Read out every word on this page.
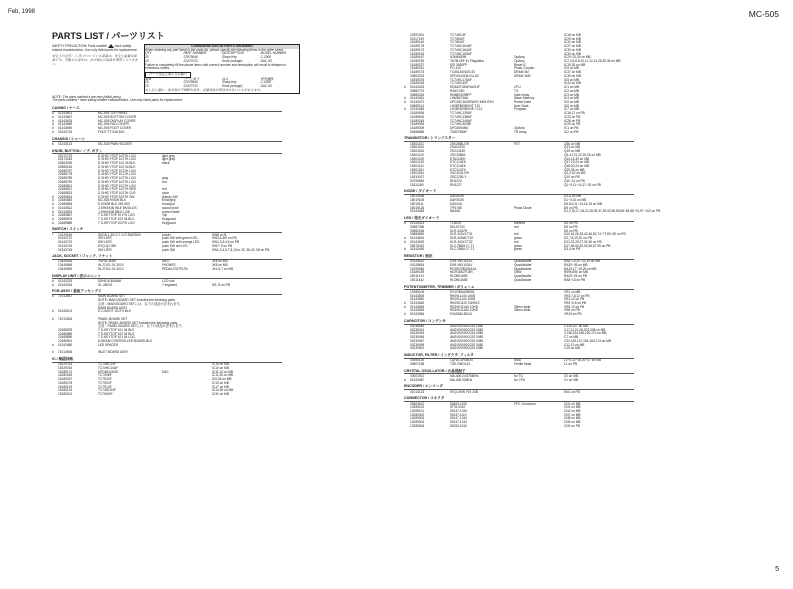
Feb, 1998	MC-505
PARTS LIST / パーツリスト

SAFETY PRECAUTION: Parts marked have safety-related characteristics. Use only listed parts for replacement.

安全上の注意：△ 印 のついている部品は、安全上重要な部品です。交換する場合は、必ず指定の部品を使用してください。

CONSIDERATION ON PARTS ORDERING
When ordering any part listed in the parts list, please specify the following items in the order sheet.
QTY	PART NUMBER	DESCRIPTION	MODEL NUMBER
10	22975846	Sharp Key	C-2008
15	22470713	Knob (orange)	DAC-50
Failure to completely fill the above items with correct number and description will result in delayed or erroneous orders.
パーツ発注に関するお願い
数量	パーツ番号	品名	使用機種
10	22975846	Sharp key	C-2008
15	22470713	Knob (orange)	DAC-50
もし記入漏れ、品名等が不明確な場合、必要部品が発送されないことがあります。
NOTE: The parts marked # are new (initial parts).
The parts marked * have safety-related characteristics. Use only listed parts for replacement.
CASING / ケース
#	01343601	MC-505 TOP PANEL
#	01343667	MC-505 BOTTOM COVER
#	01343678	MC-505 DISPLAY COVER
#	01343689	MC-505 PAD COVER
#	01343690	MC-505 FOOT COVER
#	01343734	FOOT FT-916 BLK
CHASSIS / シャーシ
#	01343123	MC-505 PWB HOLDER
KNOB, BUTTON / ノブ, ボタン
02372723	D SHIS YTDP 102TH LGG	light gray
02373245	D SHIS YTDP 101TH LGG	light gray
02563256	D SHIS YTDP 102 04 BLK	black
02583145	D SHIS YTDP 102 04 BLK
22485767	D SHIS YTDP 101TH LGG
22485778	D SHIS YTDP 101TH LGG
22485789	D SHIS YTDP 102TH LGG	gray
22485790	D SHIS YTDP 102TH LGG	red
22485801	D SHIS YTDP 101TH LGG
22485812	D SHIS YTDP 102TH RED	red
22485823	D SHIS YTDP 102TH CLR	clear
#	22485834	D SHIS YTDP 102TH SW	(black) SW
#	22485845	MC-505 KNOB BLK	Knob/grip
#	22485856	D KNOB BLK 249-303	Knob/pot
#	01343812	J-SHKNOB WLE BK/GLDS	sound knob
#	01343823	J-SHKNOB 88LK LGB	control fader
#	22485867	T S-KEYTOP 101TH LGG	Top
#	22485878	T S-KEYTOP 102 04 BLK	Keyguard
#	22485889	T S-KEYTOP 102TH LGG	Keyguard
SWITCH / スイッチ
*	13129160	SDG5-1-5G-0.7 V-G 5W/250V	power	SW8 on B
01343712	SKH-JER	push SW with green LED	SW3,4-6/9 on PB
01343723	SKH-JER	push SW with orange LED	SW1,3,3,4,6 on PB
01343734	EVQ-QJ 05K	push SW red LED	SW7~9 on PB
01343745	SKH-JER	push SW	SW1,3,4,5,7,8,10 to 26, 38-40, 58 on PB
JACK, SOCKET / ジャック, ソケット
13449626	YKF51-5054	MIDI	JK8 on MB
13449658	HLJ7101-01-3010	PHONES	JK5 on MB
13449669	HLJ7101-01-3010	PEDAL/OUTPUTs	JK1-6,7 on MB
DISPLAY UNIT / 表示ユニット
#	01343233	D5H016-B4AAB	LCD unit
#	01343234	SL-4501S	7 segment	DS, B on PB
PCB ASSY / 基板アッセンブリ
#	71013567	MAIN BOARD SET
NOTE: MAIN BOARD SET includes the following parts.
注意：MAIN BOARD SETには、以下の部品が含まれます。
MAIN BOARD ASSY
#	01343101	D C-BOOT 101TH BLK
#	71013634	PANEL BOARD SET
NOTE: PANEL BOARD SET includes the following parts.
注意：PANEL BOARD SETには、以下の部品が含まれます。
22485878	T S-KEYTOP 101 04 BLK
22485889	T S-KEYTOP 102 04 BLK
22485890	T S-KEYTOP 101 04 LGG
22485901	D-BEAM CONTROLLER BOARD BLK
#	01343480	LED SPACER
#	71014506	INLET BOARD ASSY
IC / 集積回路
15229763	TC74HC14F	IC16 on MB
15229764	TC74HC14AF	IC10 on MB
15189174	UPD65120GE	DAC	IC11,14 on MB
15189245	TC7S08F	IC11,26 on MB
15189267	TC7S32F	IC6,33 on MB
15189278	TC7S04F	IC13 on MB
15189123	TC7S14F	IC17 on MB
15189134	TC74HC04F	IC14,26 on MB
15189201	TC7W04F	IC31 on MB
15391031	TC74HC4F	IC18 on MB
00117149	TC7W04F	IC29 on MB
15189140	TC7W04F	IC31 on MB
15189178	TC74HC164AF	IC27 on MB
15189173	TC74HC164AF	IC30 on MB
15189163	TC74HC165AF	IC33 on MB
15189167	NJM4580M	OpAmp	IC20~22,24 on MB
15189230	TA78L05F 4V Regulator	OpAmp	IC2,3,5,6,8,10,11,12,13,25,35,36 on MB
15189237	SSI 3550FP	Reset IC	IC15,26 on MB
15189241	PC-410	Photo Coupler	IC5 on MB
15189175	TC5514400JS-60	DRAM 4M	IC37 on MB
00803215	UPD431016LGU-60	DRAM 16M	IC39 on MB
15259375	TC74HC175AF	IC6 on MB
15189218	TC74HC4ZF	IC42 on MB
#	01343423	HD6437044EVA011F	CPU	IC1 on MB
00882723	RA53-050	TG	IC2 on MB
00883245	HN58S4096FP	Gate Array	IC3 on MB
#	01343461	LHMN2716A	Wave Memory	IC4 on MB
#	01343472	UPD23C16000WGY-M06-RXH	Preset Data	IC5 on MB
00889113	LH28F800BGHT-T10	User Data	IC6 on MB
#	01343483	LH28F400BGHE-TL12	Program	IC7 on MB
15189536	TC74HC139AF	IC16,17 on PB
15189534	TC74HC138AF	IC23 on PB
15189245	TC74HC245AF	IC26 on PB
15189536	TC74HC4538F	IC20 on PB
15189309	UPD4094BG	OpAmp	IC1 on PB
00458586	TD62783AF	TR Array	IC2 on PB
TRANSISTOR / トランジスター
15301101	2SK2886-GR	FET	Q35 on MB
15301103	2SA1037K	Q13 on MB
15301106	2SC2412K	Q15 on MB
15301115	2SC3356A	Q3-12,21,22,25,26 on MB
15301125	DTA114EK	Q14,16,33 on MB
15301129	DTC114EK	Q17,19,24 on MB
15301142	DTC114EK	Q18,20,24 on MB
15301151	DTC114TK	Q25,26 on MB
15301154	2SC3118-GR	Q1,2,32 on MB
15319427	2SC2235-Y	Q10 on PB
00759846	RN1224	Q11~14 on PB
15111185	RN1227	Q1~9,11~14,17~20 on PB
DIODE / ダイオード
15019166	DAN202K	D3-6 on MB
15019105	DAP202K	D1~3,10 on MB
15019111	DA204U	D6,8,9,11~14,16,18 on MB
15019126	TPS708	Photo Diode	D5 on PB
01343465	MA166	D1,2,15,17,18,21,28,35,37,39,52,58,59,68~84,86~91,97~102 on PB
LED / 発光ダイオード
#	01343423	TLN201	Infrared	D4 on PB
00887396	SEL5721C	red	D8 on PB
00852156	SLR-343VR	D5 on PB
00859890	SLR-343VCT31	red	D10,16,26,33,42,46,53,74~77,80~82 on PB
#	01343624	SLR-343MCT32	green	D2,7,8,19,20 on PB
#	01343625	SLR-343YCT32	red	D21,22,25,27,30,36 on PB
00875432	SLZ-786M-17-T1	green	D47,48,50,52,54,55,57,59 on PB
#	01343450	SLZ-786M-17-T1	green	D3,4 on PB
RESISTOR / 抵抗
00128612	EXB V8V101JV	Quad/ladder	RA8~13,20~23,39 on MB
00128634	EXB V8V103JV	Quad/ladder	RA30~36 on MB
15199546	RGSM RB226A1A	Quad/ladder	RA19,17~19,25 on MB
15189189	MCR18EZPJ4R	1/8W	R595,596 on MB
15011413	RLDB0165E	Quad/ladder	RA25~26 on PB
15011442	RLDB0165E	Quad/ladder	RA8~13 on PB
POTENTIOMETER, TRIMMER / ボリューム
13289106	EVVOBAA0B504	VR1 on MB
01343505	RK09L1140 10KB	VR4,7,8,12 on PB
01343540	RK09L1140 10KB	VR1,12 on PB
#	01343545	RK09K1120 10KBX2	VR4~6,8 on PB
#	01343548	RS30H111A0 10KB	25mm slide	VR9,12 on PB
01343554	RS30H111A0 10KB	25mm slide	VR8 on PB
#	01343556	EVMG8A BD14	VR15 on PB
CAPACITOR / コンデンサ
00238846	ANZV00000G224 0080	C130,127 on MB
00239401	ANZV00000G224 0080	C17,11,21,26,203,208 on MB
00239434	ANZV00000G224 0080	C136,144,156,160,173 on MB
00239456	ANZV00000G220 0080	C7 on MB
00239467	ANZV00000G224 0080	C32,135,147,154,164,174 on MB
00239499	ANZV00000G220 0080	C12,13 on MB
00239502	ANZV00000G224 0080	C15 on MB
INDUCTOR, FILTER / インダクタ, フィルタ
03950130	LQH3C1R0M24	SMD	L1~5,12~16,20~27 on MB
00807198	TDK RMOL23	Ferrite bead	L1 on PB
CRYSTAL OSCILLATOR / 水晶発振子
00601912	MA-406 24.576MHz	for TG	X2 on MB
#	01343487	MA-406 32MHz	for CPU	X1 on MB
ENCODER / エンコーダ
01013123	EVQ-VEW F01 24B	EN1 on PB
CONNECTOR / コネクタ
03504612	52806-1610	FFC Connector	CN1 on MB
13289102	5778-0010	CN1 on MB
13289101	53147-1010	CN2 on MB
13289302	53147-1110	CN7 on MB
13289303	53147-1310	CN8 on MB
13289304	53147-1410	CN9 on MB
13289306	53253-0410	CN2 on PB
5
